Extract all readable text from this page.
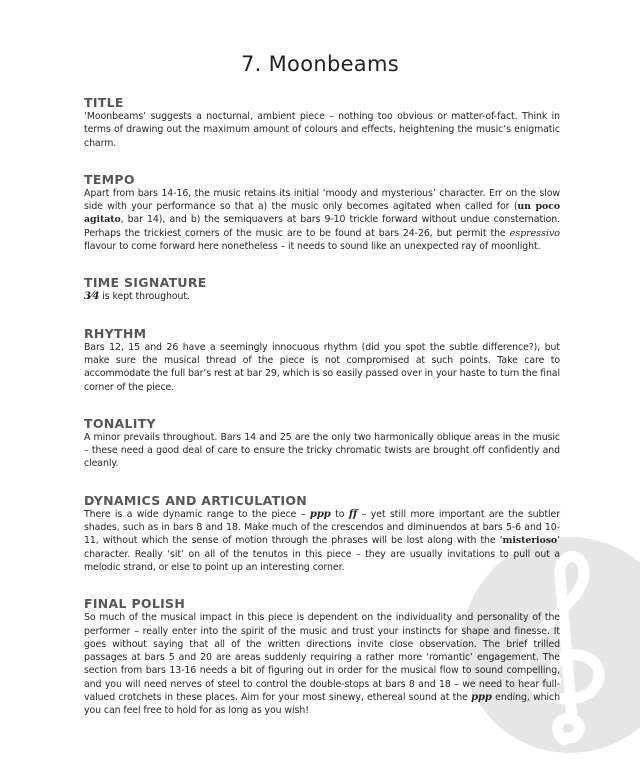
7. Moonbeams
TITLE

‘Moonbeams’ suggests a nocturnal, ambient piece – nothing too obvious or matter-of-fact. Think in terms of drawing out the maximum amount of colours and effects, heightening the music’s enigmatic charm.

TEMPO

Apart from bars 14-16, the music retains its initial ‘moody and mysterious’ character. Err on the slow side with your performance so that a) the music only becomes agitated when called for (un poco agitato, bar 14), and b) the semiquavers at bars 9-10 trickle forward without undue consternation. Perhaps the trickiest corners of the music are to be found at bars 24-26, but permit the espressivo flavour to come forward here nonetheless – it needs to sound like an unexpected ray of moonlight.

TIME SIGNATURE

3⁄4 is kept throughout.

RHYTHM

Bars 12, 15 and 26 have a seemingly innocuous rhythm (did you spot the subtle difference?), but make sure the musical thread of the piece is not compromised at such points. Take care to accommodate the full bar’s rest at bar 29, which is so easily passed over in your haste to turn the final corner of the piece.

TONALITY

A minor prevails throughout. Bars 14 and 25 are the only two harmonically oblique areas in the music – these need a good deal of care to ensure the tricky chromatic twists are brought off confidently and cleanly.

DYNAMICS AND ARTICULATION

There is a wide dynamic range to the piece – ppp to ff – yet still more important are the subtler shades, such as in bars 8 and 18. Make much of the crescendos and diminuendos at bars 5-6 and 10-11, without which the sense of motion through the phrases will be lost along with the ‘misterioso’ character. Really ‘sit’ on all of the tenutos in this piece – they are usually invitations to pull out a melodic strand, or else to point up an interesting corner.

FINAL POLISH

So much of the musical impact in this piece is dependent on the individuality and personality of the performer – really enter into the spirit of the music and trust your instincts for shape and finesse. It goes without saying that all of the written directions invite close observation. The brief trilled passages at bars 5 and 20 are areas suddenly requiring a rather more ‘romantic’ engagement. The section from bars 13-16 needs a bit of figuring out in order for the musical flow to sound compelling, and you will need nerves of steel to control the double-stops at bars 8 and 18 – we need to hear full-valued crotchets in these places. Aim for your most sinewy, ethereal sound at the ppp ending, which you can feel free to hold for as long as you wish!
